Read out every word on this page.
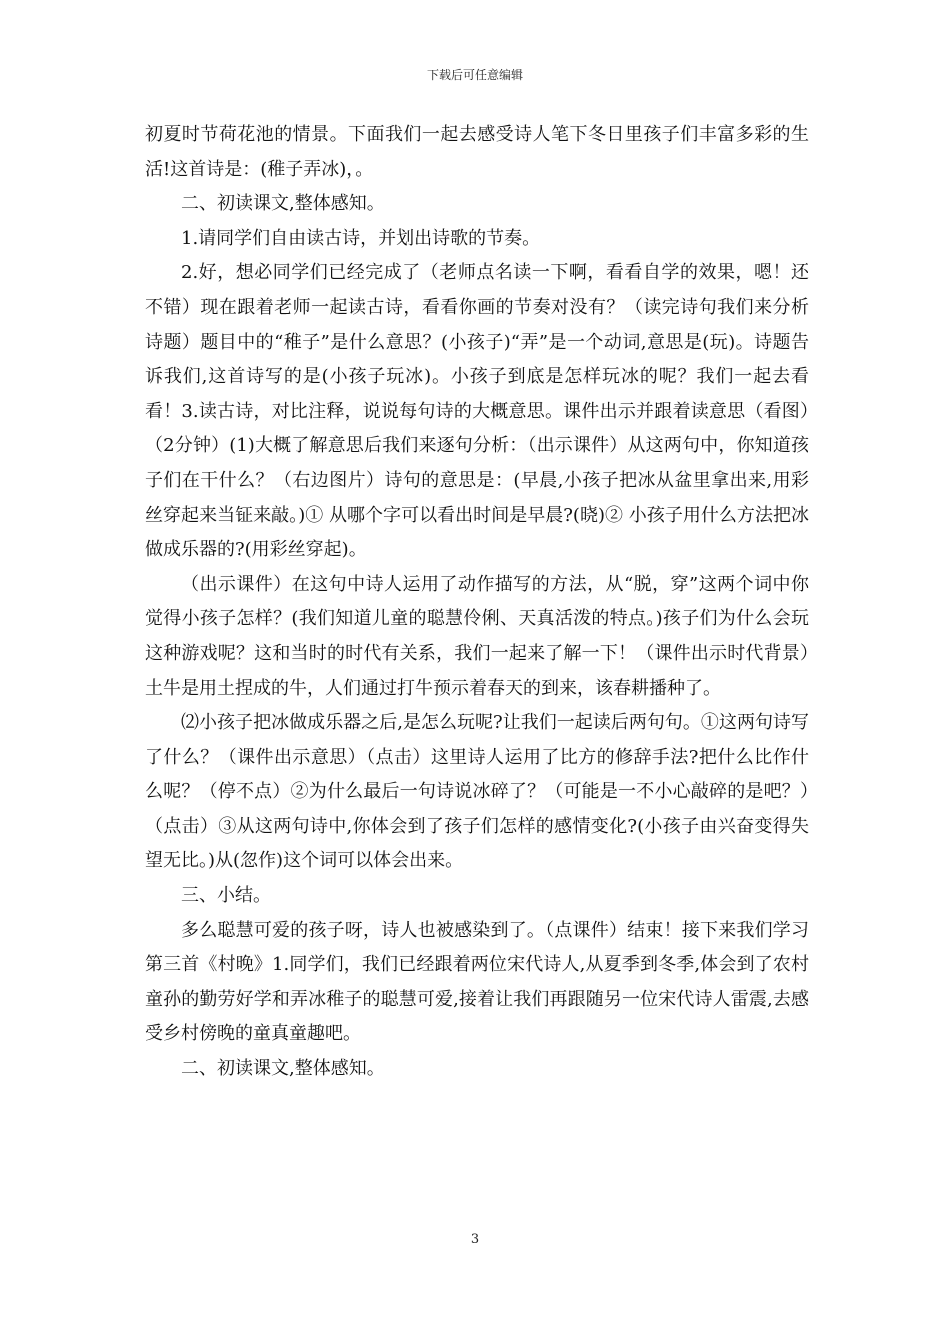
下载后可任意编辑

初夏时节荷花池的情景。下面我们一起去感受诗人笔下冬日里孩子们丰富多彩的生活!这首诗是：(稚子弄冰)，。

二、初读课文,整体感知。

1.请同学们自由读古诗，并划出诗歌的节奏。

2.好，想必同学们已经完成了（老师点名读一下啊，看看自学的效果，嗯！还不错）现在跟着老师一起读古诗，看看你画的节奏对没有？（读完诗句我们来分析诗题）题目中的“稚子”是什么意思？(小孩子)“弄”是一个动词,意思是(玩)。诗题告诉我们,这首诗写的是(小孩子玩冰)。小孩子到底是怎样玩冰的呢？我们一起去看看！3.读古诗，对比注释，说说每句诗的大概意思。课件出示并跟着读意思（看图）（2分钟）(1)大概了解意思后我们来逐句分析：（出示课件）从这两句中，你知道孩子们在干什么？（右边图片）诗句的意思是：(早晨,小孩子把冰从盆里拿出来,用彩丝穿起来当钲来敲。)① 从哪个字可以看出时间是早晨?(晓)② 小孩子用什么方法把冰做成乐器的?(用彩丝穿起)。

（出示课件）在这句中诗人运用了动作描写的方法，从“脱，穿”这两个词中你觉得小孩子怎样？(我们知道儿童的聪慧伶俐、天真活泼的特点。)孩子们为什么会玩这种游戏呢？这和当时的时代有关系，我们一起来了解一下！（课件出示时代背景）土牛是用土捏成的牛，人们通过打牛预示着春天的到来，该春耕播种了。

⑵小孩子把冰做成乐器之后,是怎么玩呢?让我们一起读后两句句。①这两句诗写了什么？（课件出示意思）（点击）这里诗人运用了比方的修辞手法?把什么比作什么呢？（停不点）②为什么最后一句诗说冰碎了？（可能是一不小心敲碎的是吧？）（点击）③从这两句诗中,你体会到了孩子们怎样的感情变化?(小孩子由兴奋变得失望无比。)从(忽作)这个词可以体会出来。

三、小结。

多么聪慧可爱的孩子呀，诗人也被感染到了。（点课件）结束！接下来我们学习第三首《村晚》1.同学们，我们已经跟着两位宋代诗人,从夏季到冬季,体会到了农村童孙的勤劳好学和弄冰稚子的聪慧可爱,接着让我们再跟随另一位宋代诗人雷震,去感受乡村傍晚的童真童趣吧。

二、初读课文,整体感知。

3
